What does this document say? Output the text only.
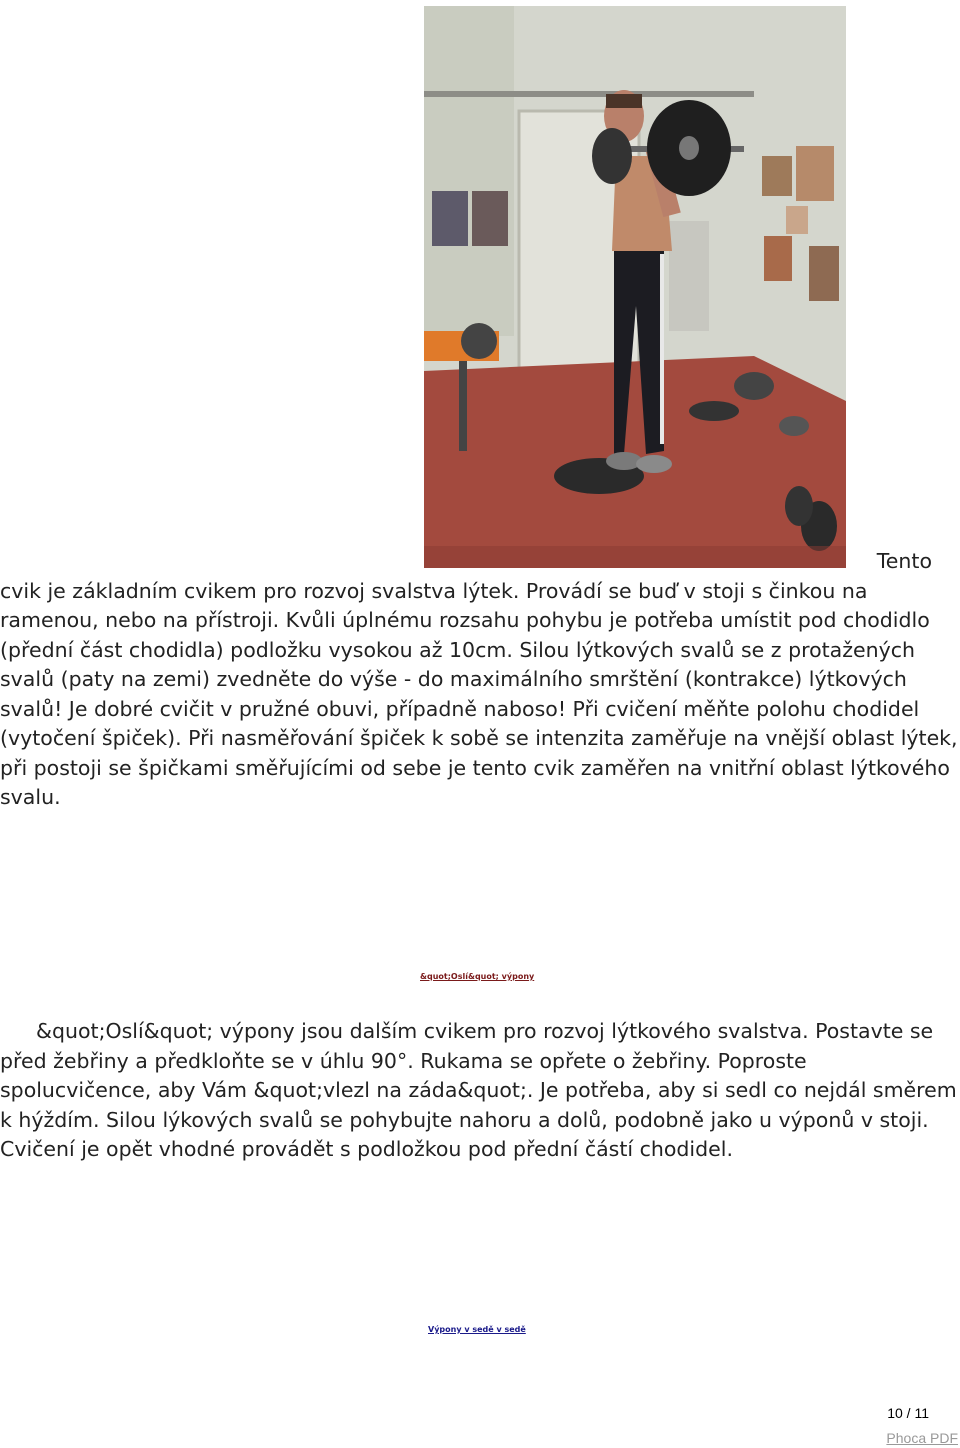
Tento
cvik je základním cvikem pro rozvoj svalstva lýtek. Provádí se buď v stoji s činkou na ramenou, nebo na přístroji. Kvůli úplnému rozsahu pohybu je potřeba umístit pod chodidlo (přední část chodidla) podložku vysokou až 10cm. Silou lýtkových svalů se z protažených svalů (paty na zemi) zvedněte do výše - do maximálního smrštění (kontrakce) lýtkových svalů! Je dobré cvičit v pružné obuvi, případně naboso! Při cvičení měňte polohu chodidel (vytočení špiček). Při nasměřování špiček k sobě se intenzita zaměřuje na vnější oblast lýtek, při postoji se špičkami směřujícími od sebe je tento cvik zaměřen na vnitřní oblast lýtkového svalu.

&quot;Oslí&quot; výpony

&quot;Oslí&quot; výpony jsou dalším cvikem pro rozvoj lýtkového svalstva. Postavte se před žebřiny a předkloňte se v úhlu 90°. Rukama se opřete o žebřiny. Poproste spolucvičence, aby Vám &quot;vlezl na záda&quot;. Je potřeba, aby si sedl co nejdál směrem k hýždím. Silou lýkových svalů se pohybujte nahoru a dolů, podobně jako u výponů v stoji. Cvičení je opět vhodné provádět s podložkou pod přední částí chodidel.

Výpony v sedě v sedě
10 / 11
Phoca PDF
